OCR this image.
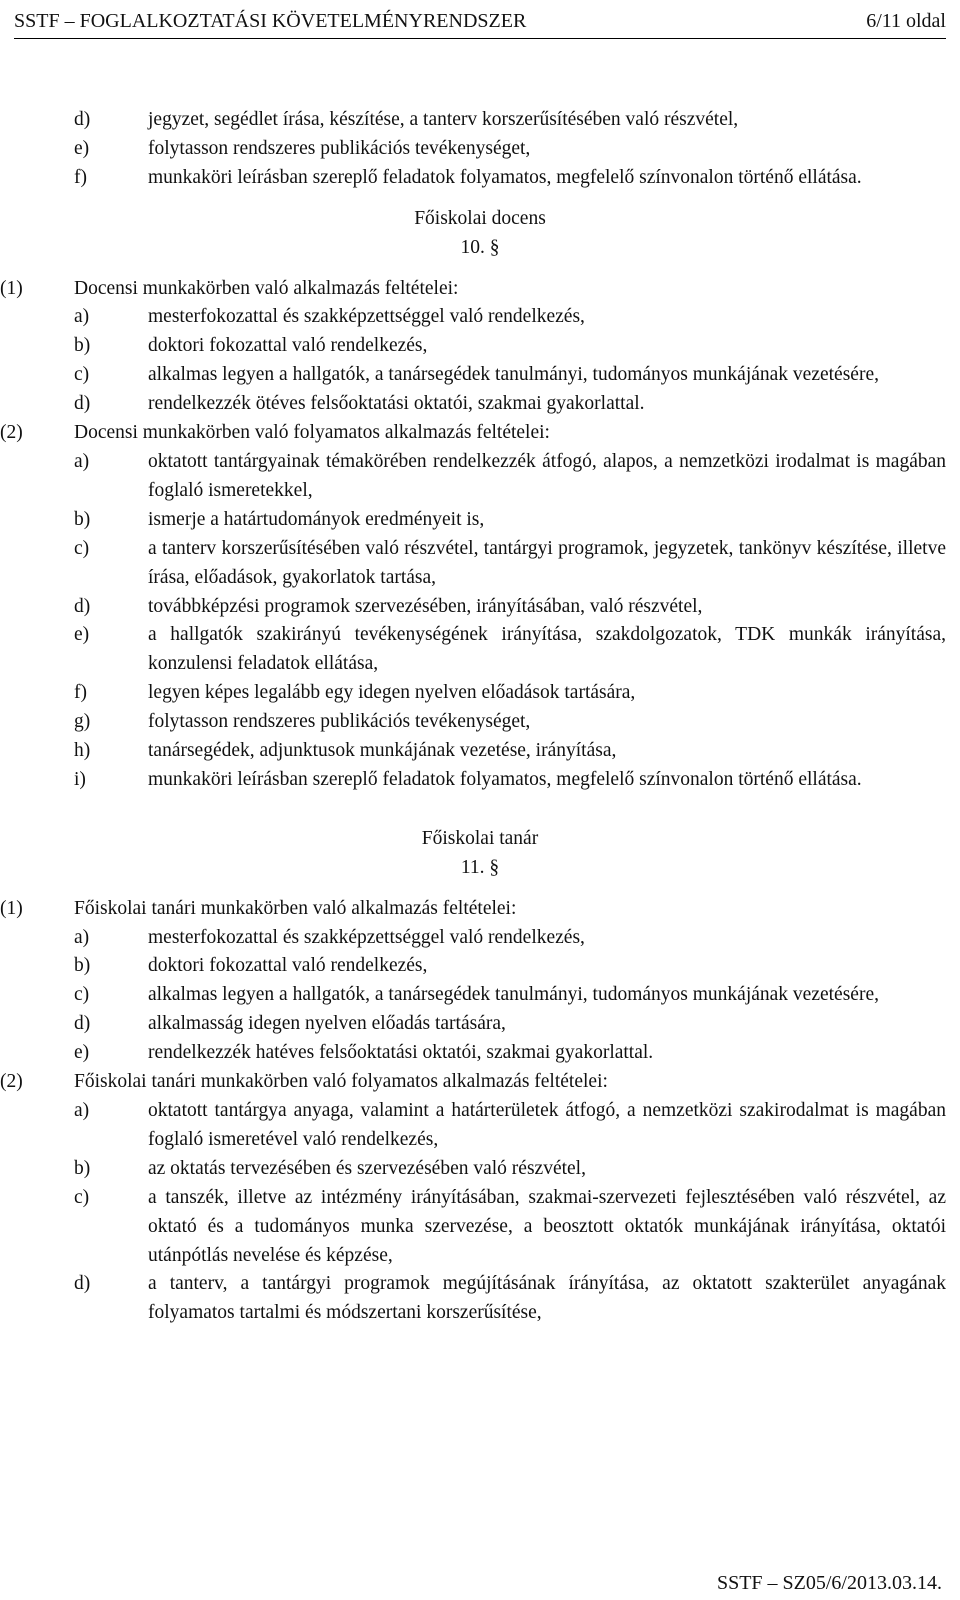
SSTF – FOGLALKOZTATÁSI KÖVETELMÉNYRENDSZER	6/11 oldal
d)	jegyzet, segédlet írása, készítése, a tanterv korszerűsítésében való részvétel,
e)	folytasson rendszeres publikációs tevékenységet,
f)	munkaköri leírásban szereplő feladatok folyamatos, megfelelő színvonalon történő ellátása.
Főiskolai docens
10. §
(1)	Docensi munkakörben való alkalmazás feltételei:
a)	mesterfokozattal és szakképzettséggel való rendelkezés,
b)	doktori fokozattal való rendelkezés,
c)	alkalmas legyen a hallgatók, a tanársegédek tanulmányi, tudományos munkájának vezetésére,
d)	rendelkezzék ötéves felsőoktatási oktatói, szakmai gyakorlattal.
(2)	Docensi munkakörben való folyamatos alkalmazás feltételei:
a)	oktatott tantárgyainak témakörében rendelkezzék átfogó, alapos, a nemzetközi irodalmat is magában foglaló ismeretekkel,
b)	ismerje a határtudományok eredményeit is,
c)	a tanterv korszerűsítésében való részvétel, tantárgyi programok, jegyzetek, tankönyv készítése, illetve írása, előadások, gyakorlatok tartása,
d)	továbbképzési programok szervezésében, irányításában, való részvétel,
e)	a hallgatók szakirányú tevékenységének irányítása, szakdolgozatok, TDK munkák irányítása, konzulensi feladatok ellátása,
f)	legyen képes legalább egy idegen nyelven előadások tartására,
g)	folytasson rendszeres publikációs tevékenységet,
h)	tanársegédek, adjunktusok munkájának vezetése, irányítása,
i)	munkaköri leírásban szereplő feladatok folyamatos, megfelelő színvonalon történő ellátása.
Főiskolai tanár
11. §
(1)	Főiskolai tanári munkakörben való alkalmazás feltételei:
a)	mesterfokozattal és szakképzettséggel való rendelkezés,
b)	doktori fokozattal való rendelkezés,
c)	alkalmas legyen a hallgatók, a tanársegédek tanulmányi, tudományos munkájának vezetésére,
d)	alkalmasság idegen nyelven előadás tartására,
e)	rendelkezzék hatéves felsőoktatási oktatói, szakmai gyakorlattal.
(2)	Főiskolai tanári munkakörben való folyamatos alkalmazás feltételei:
a)	oktatott tantárgya anyaga, valamint a határterületek átfogó, a nemzetközi szakirodalmat is magában foglaló ismeretével való rendelkezés,
b)	az oktatás tervezésében és szervezésében való részvétel,
c)	a tanszék, illetve az intézmény irányításában, szakmai-szervezeti fejlesztésében való részvétel, az oktató és a tudományos munka szervezése, a beosztott oktatók munkájának irányítása, oktatói utánpótlás nevelése és képzése,
d)	a tanterv, a tantárgyi programok megújításának írányítása, az oktatott szakterület anyagának folyamatos tartalmi és módszertani korszerűsítése,
SSTF – SZ05/6/2013.03.14.
